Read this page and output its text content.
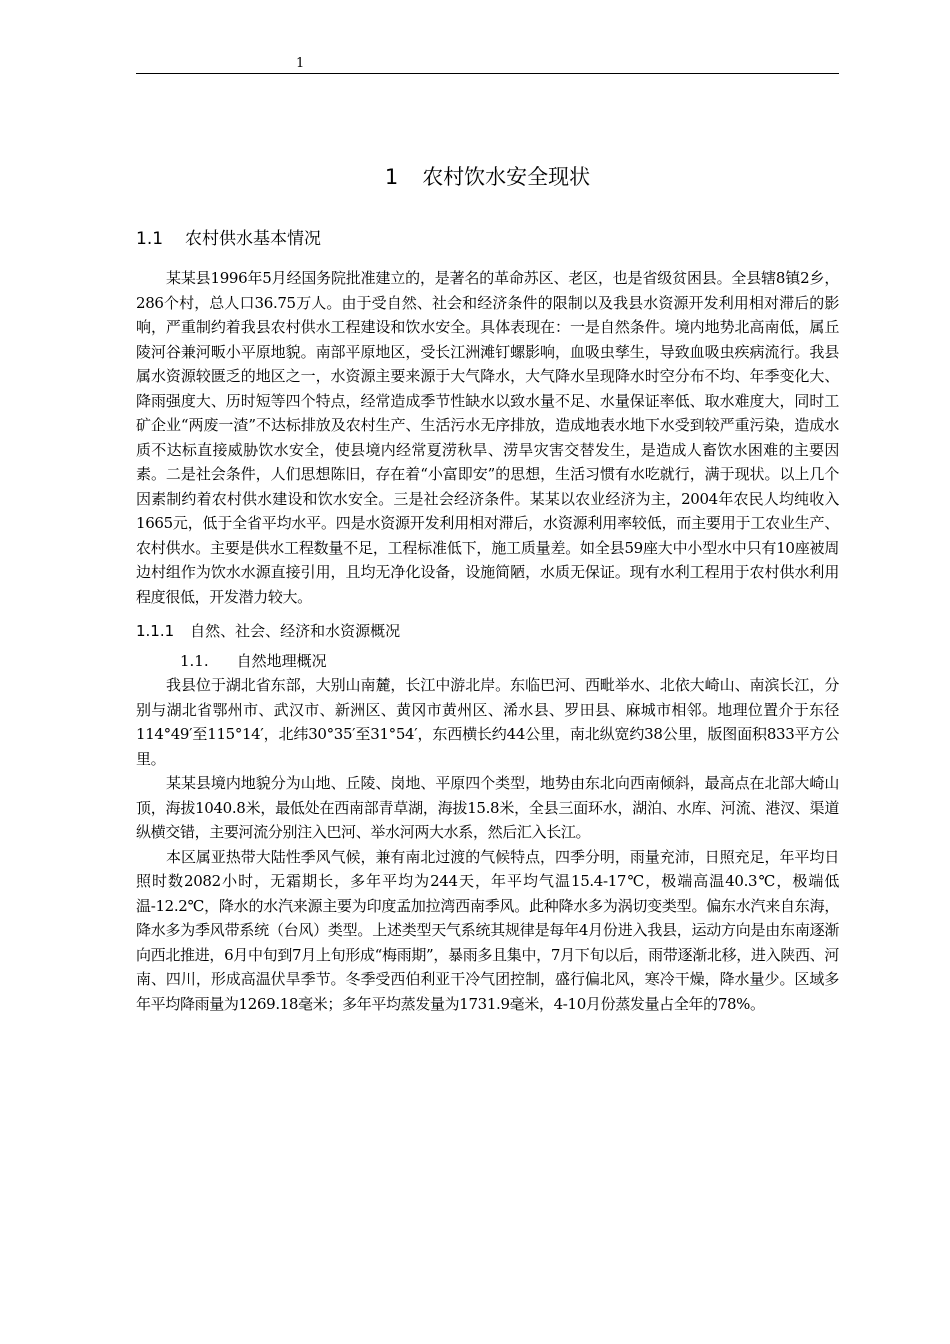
1
1 农村饮水安全现状
1.1 农村供水基本情况

某某县1996年5月经国务院批准建立的，是著名的革命苏区、老区，也是省级贫困县。全县辖8镇2乡，286个村，总人口36.75万人。由于受自然、社会和经济条件的限制以及我县水资源开发利用相对滞后的影响，严重制约着我县农村供水工程建设和饮水安全。具体表现在：一是自然条件。境内地势北高南低，属丘陵河谷兼河畈小平原地貌。南部平原地区，受长江洲滩钉螺影响，血吸虫孳生，导致血吸虫疾病流行。我县属水资源较匮乏的地区之一，水资源主要来源于大气降水，大气降水呈现降水时空分布不均、年季变化大、降雨强度大、历时短等四个特点，经常造成季节性缺水以致水量不足、水量保证率低、取水难度大，同时工矿企业“两废一渣”不达标排放及农村生产、生活污水无序排放，造成地表水地下水受到较严重污染，造成水质不达标直接威胁饮水安全，使县境内经常夏涝秋旱、涝旱灾害交替发生，是造成人畜饮水困难的主要因素。二是社会条件，人们思想陈旧，存在着“小富即安”的思想，生活习惯有水吃就行，满于现状。以上几个因素制约着农村供水建设和饮水安全。三是社会经济条件。某某以农业经济为主，2004年农民人均纯收入1665元，低于全省平均水平。四是水资源开发利用相对滞后，水资源利用率较低，而主要用于工农业生产、农村供水。主要是供水工程数量不足，工程标准低下，施工质量差。如全县59座大中小型水中只有10座被周边村组作为饮水水源直接引用，且均无净化设备，设施简陋，水质无保证。现有水利工程用于农村供水利用程度很低，开发潜力较大。

1.1.1 自然、社会、经济和水资源概况
1.1. 自然地理概况

我县位于湖北省东部，大别山南麓，长江中游北岸。东临巴河、西毗举水、北依大崎山、南滨长江，分别与湖北省鄂州市、武汉市、新洲区、黄冈市黄州区、浠水县、罗田县、麻城市相邻。地理位置介于东径114°49′至115°14′，北纬30°35′至31°54′，东西横长约44公里，南北纵宽约38公里，版图面积833平方公里。

某某县境内地貌分为山地、丘陵、岗地、平原四个类型，地势由东北向西南倾斜，最高点在北部大崎山顶，海拔1040.8米，最低处在西南部青草湖，海拔15.8米，全县三面环水，湖泊、水库、河流、港汊、渠道纵横交错，主要河流分别注入巴河、举水河两大水系，然后汇入长江。

本区属亚热带大陆性季风气候，兼有南北过渡的气候特点，四季分明，雨量充沛，日照充足，年平均日照时数2082小时，无霜期长，多年平均为244天，年平均气温15.4-17℃，极端高温40.3℃，极端低温-12.2℃，降水的水汽来源主要为印度孟加拉湾西南季风。此种降水多为涡切变类型。偏东水汽来自东海，降水多为季风带系统（台风）类型。上述类型天气系统其规律是每年4月份进入我县，运动方向是由东南逐渐向西北推进，6月中旬到7月上旬形成“梅雨期”，暴雨多且集中，7月下旬以后，雨带逐渐北移，进入陕西、河南、四川，形成高温伏旱季节。冬季受西伯利亚干冷气团控制，盛行偏北风，寒冷干燥，降水量少。区域多年平均降雨量为1269.18毫米；多年平均蒸发量为1731.9毫米，4-10月份蒸发量占全年的78%。
